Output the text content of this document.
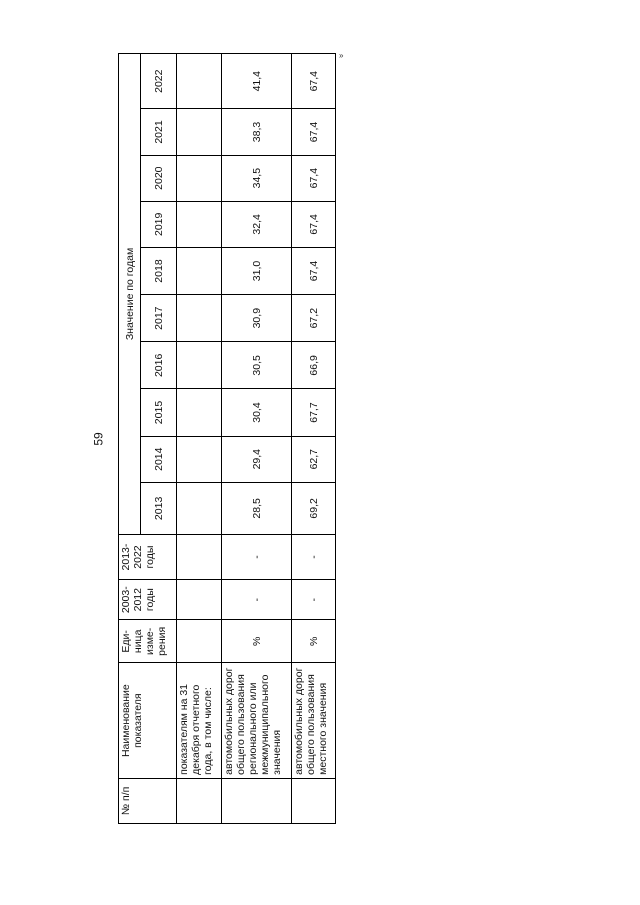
59
»
№ п/п	Наименование показателя	Еди-ница изме-рения	2003-2012 годы	2013-2022 годы	Значение по годам									
					2013	2014	2015	2016	2017	2018	2019	2020	2021	2022
	показателям на 31 декабря отчетного года, в том числе:													
	автомобильных дорог общего пользования регионального или межмуниципального значения	%	-	-	28,5	29,4	30,4	30,5	30,9	31,0	32,4	34,5	38,3	41,4
	автомобильных дорог общего пользования местного значения	%	-	-	69,2	62,7	67,7	66,9	67,2	67,4	67,4	67,4	67,4	67,4
